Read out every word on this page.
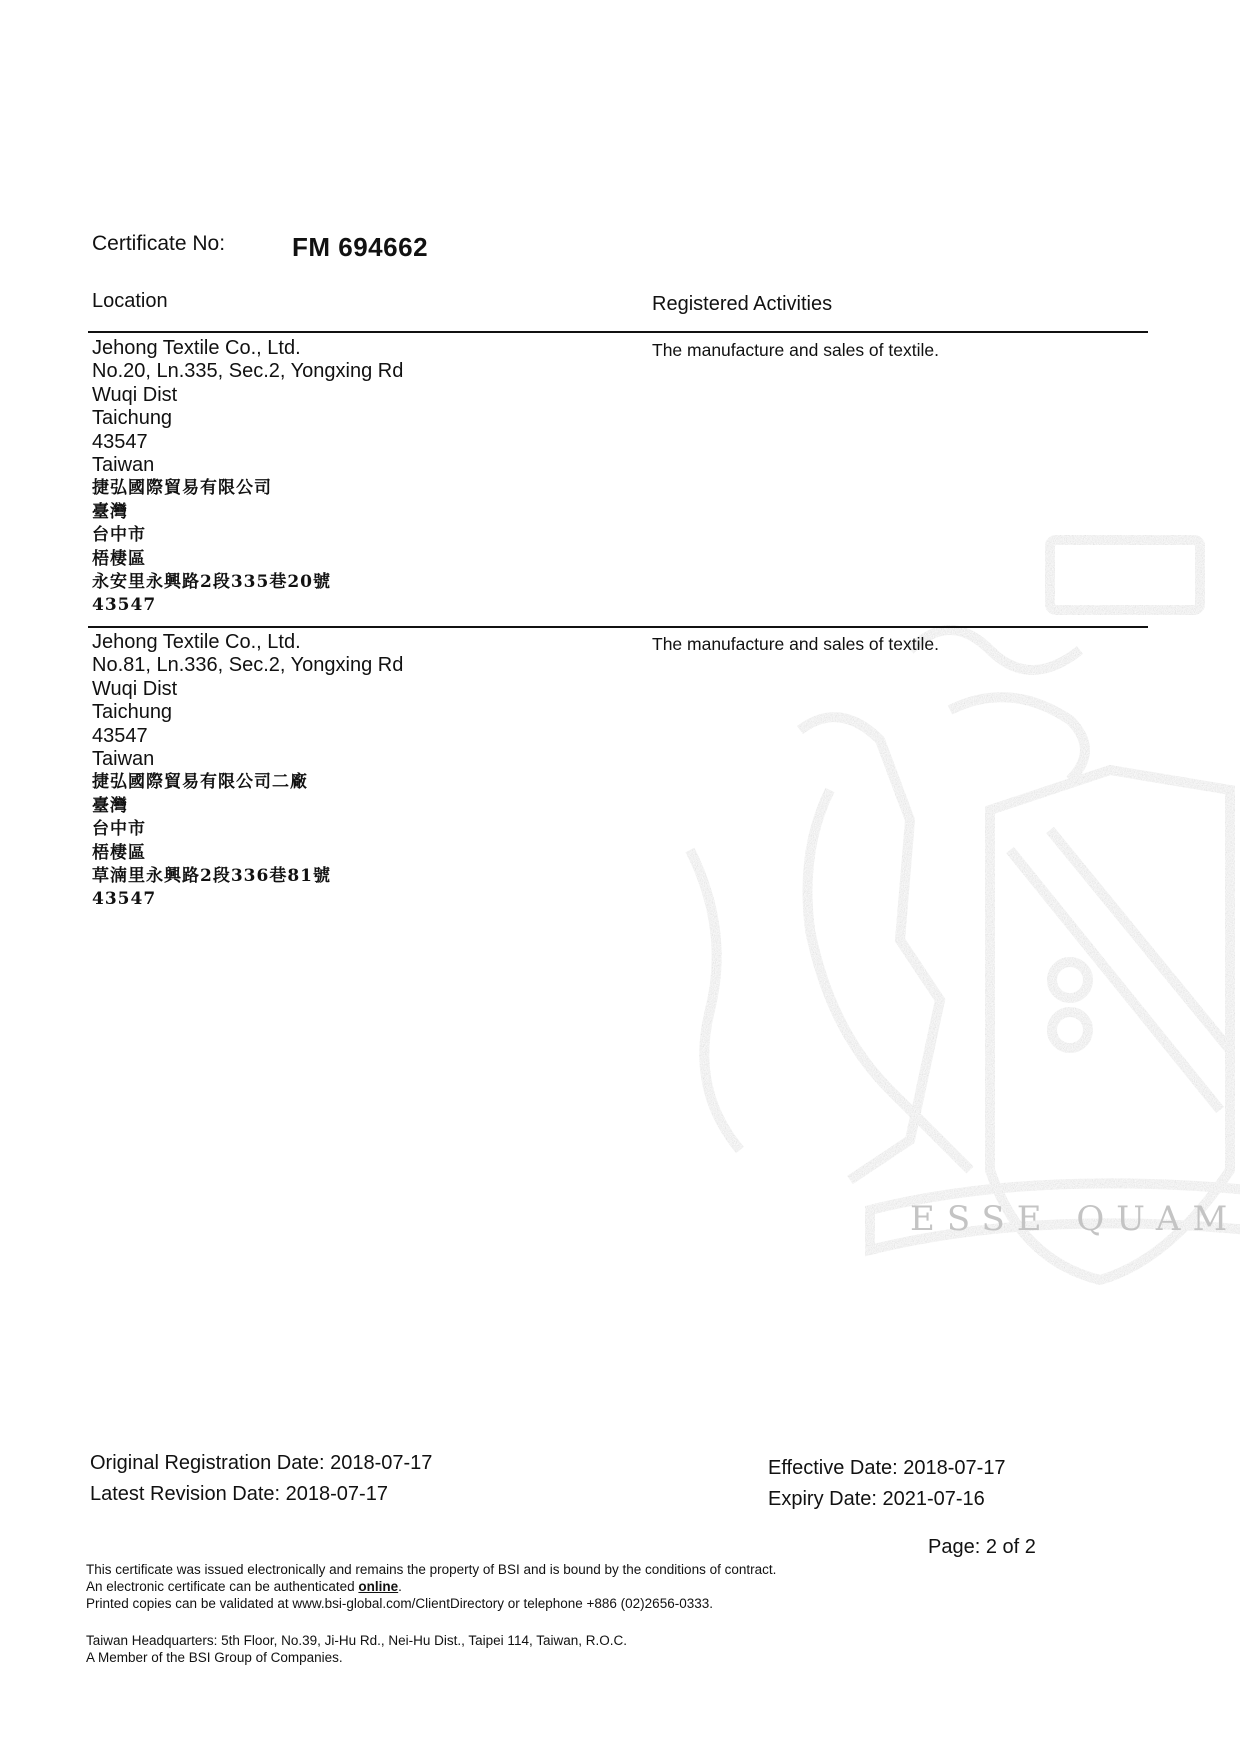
ESSE QUAM
Certificate No:	FM 694662
Location	Registered Activities
Jehong Textile Co., Ltd.
No.20, Ln.335, Sec.2, Yongxing Rd
Wuqi Dist
Taichung
43547
Taiwan
捷弘國際貿易有限公司
臺灣
台中市
梧棲區
永安里永興路2段335巷20號
43547
The manufacture and sales of textile.
Jehong Textile Co., Ltd.
No.81, Ln.336, Sec.2, Yongxing Rd
Wuqi Dist
Taichung
43547
Taiwan
捷弘國際貿易有限公司二廠
臺灣
台中市
梧棲區
草湳里永興路2段336巷81號
43547
The manufacture and sales of textile.
Original Registration Date: 2018-07-17
Latest Revision Date: 2018-07-17
Effective Date: 2018-07-17
Expiry Date: 2021-07-16
Page: 2 of 2
This certificate was issued electronically and remains the property of BSI and is bound by the conditions of contract.
An electronic certificate can be authenticated online.
Printed copies can be validated at www.bsi-global.com/ClientDirectory or telephone +886 (02)2656-0333.
Taiwan Headquarters: 5th Floor, No.39, Ji-Hu Rd., Nei-Hu Dist., Taipei 114, Taiwan, R.O.C.
A Member of the BSI Group of Companies.
